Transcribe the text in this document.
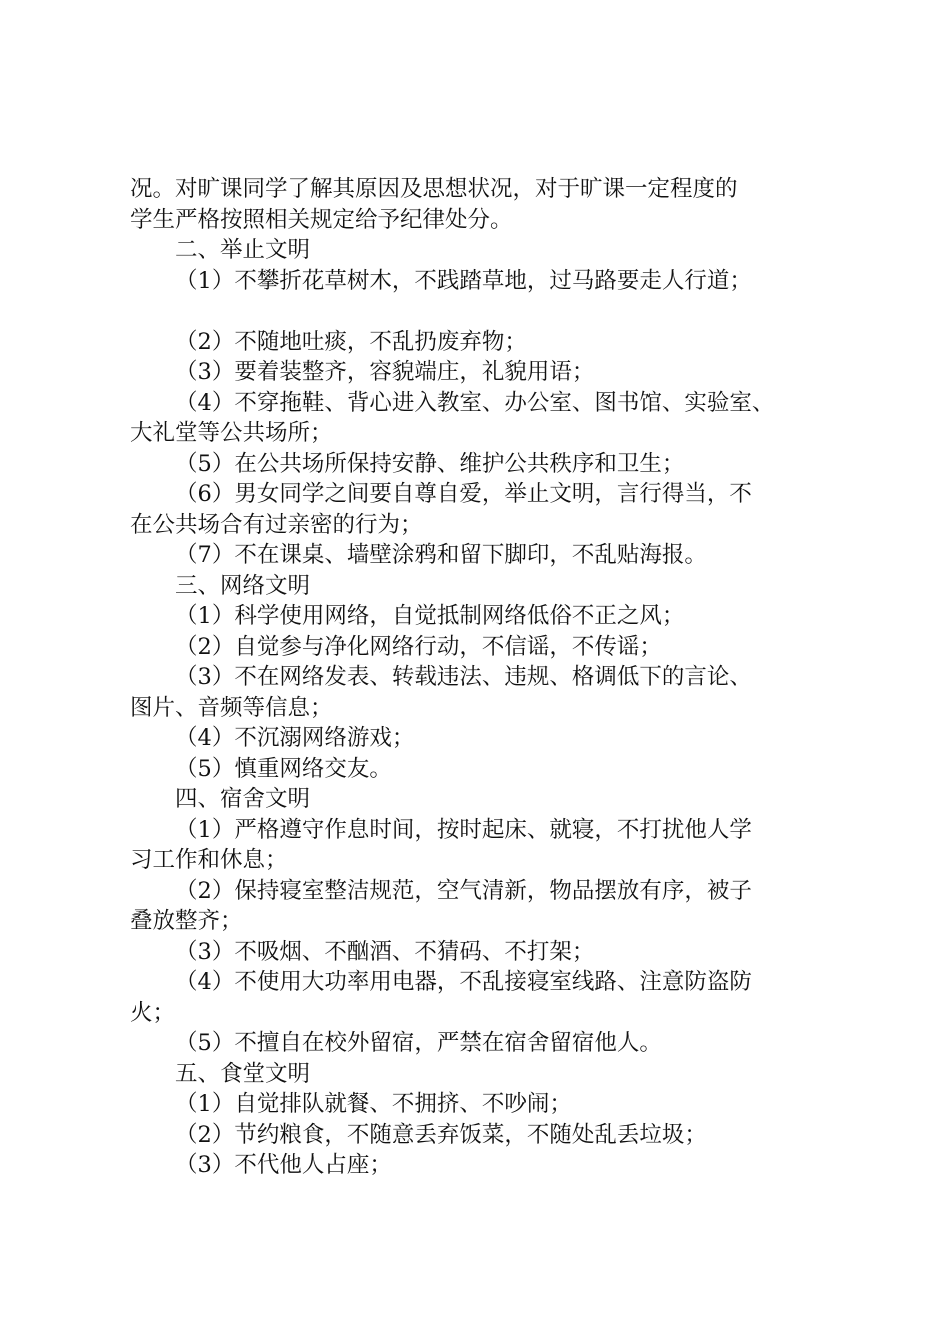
况。对旷课同学了解其原因及思想状况，对于旷课一定程度的
学生严格按照相关规定给予纪律处分。
二、举止文明
（1）不攀折花草树木，不践踏草地，过马路要走人行道；
（2）不随地吐痰，不乱扔废弃物；
（3）要着装整齐，容貌端庄，礼貌用语；
（4）不穿拖鞋、背心进入教室、办公室、图书馆、实验室、
大礼堂等公共场所；
（5）在公共场所保持安静、维护公共秩序和卫生；
（6）男女同学之间要自尊自爱，举止文明，言行得当，不
在公共场合有过亲密的行为；
（7）不在课桌、墙壁涂鸦和留下脚印，不乱贴海报。
三、网络文明
（1）科学使用网络，自觉抵制网络低俗不正之风；
（2）自觉参与净化网络行动，不信谣，不传谣；
（3）不在网络发表、转载违法、违规、格调低下的言论、
图片、音频等信息；
（4）不沉溺网络游戏；
（5）慎重网络交友。
四、宿舍文明
（1）严格遵守作息时间，按时起床、就寝，不打扰他人学
习工作和休息；
（2）保持寝室整洁规范，空气清新，物品摆放有序，被子
叠放整齐；
（3）不吸烟、不酗酒、不猜码、不打架；
（4）不使用大功率用电器，不乱接寝室线路、注意防盗防
火；
（5）不擅自在校外留宿，严禁在宿舍留宿他人。
五、食堂文明
（1）自觉排队就餐、不拥挤、不吵闹；
（2）节约粮食，不随意丢弃饭菜，不随处乱丢垃圾；
（3）不代他人占座；
